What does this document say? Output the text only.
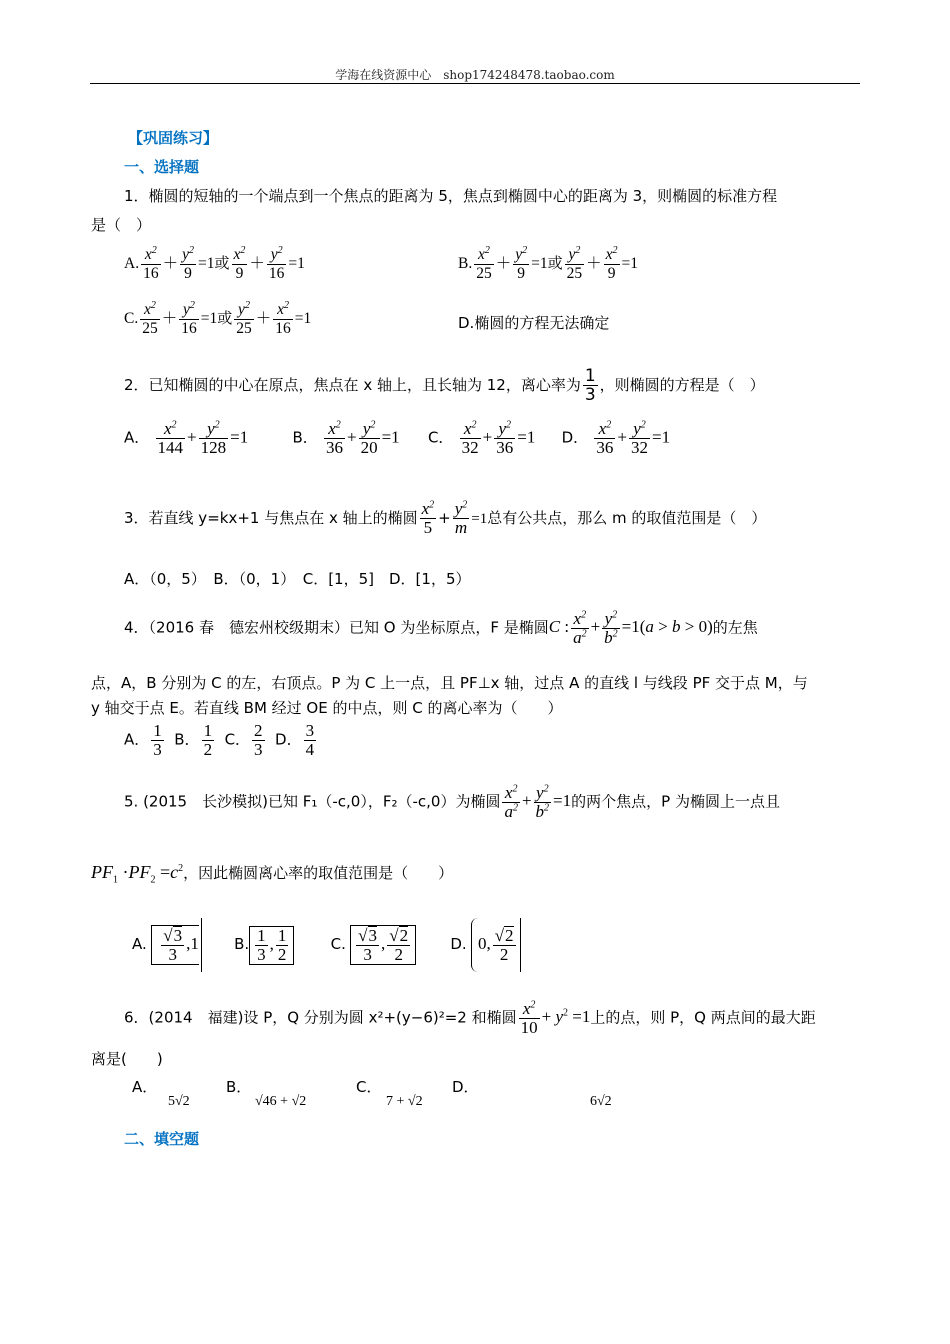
学海在线资源中心　shop174248478.taobao.com
【巩固练习】
一、选择题
1．椭圆的短轴的一个端点到一个焦点的距离为 5，焦点到椭圆中心的距离为 3，则椭圆的标准方程
是（　）
A. $\frac{x^2}{16} + \frac{y^2}{9} =1$或 $\frac{x^2}{9} + \frac{y^2}{16} =1$	B. $\frac{x^2}{25} + \frac{y^2}{9} =1$或 $\frac{y^2}{25} + \frac{x^2}{9} =1$
C. $\frac{x^2}{25} + \frac{y^2}{16} =1$或 $\frac{y^2}{25} + \frac{x^2}{16} =1$	D.椭圆的方程无法确定
2．已知椭圆的中心在原点，焦点在 x 轴上，且长轴为 12，离心率为 $\frac{1}{3}$ ，则椭圆的方程是（　）
A． $\frac{x^2}{144} + \frac{y^2}{128} =1$	B． $\frac{x^2}{36} + \frac{y^2}{20} =1$ C． $\frac{x^2}{32} + \frac{y^2}{36} =1$ D． $\frac{x^2}{36} + \frac{y^2}{32} =1$
3．若直线 y=kx+1 与焦点在 x 轴上的椭圆 $\frac{x^2}{5} + \frac{y^2}{m} =1$总有公共点，那么 m 的取值范围是（　）
A．（0，5）　B．（0，1）　C．[1，5]　D．[1，5）
4．（2016 春　德宏州校级期末）已知 O 为坐标原点，F 是椭圆C : $\frac{x^2}{a^2} + \frac{y^2}{b^2} =1(a > b > 0)$的左焦
点，A，B 分别为 C 的左，右顶点。P 为 C 上一点，且 PF⊥x 轴，过点 A 的直线 l 与线段 PF 交于点 M，与
y 轴交于点 E。若直线 BM 经过 OE 的中点，则 C 的离心率为（　　）
A． $\frac{1}{3}$ B． $\frac{1}{2}$ C． $\frac{2}{3}$ D． $\frac{3}{4}$
5. (2015　长沙模拟)已知 F₁（-c,0），F₂（-c,0）为椭圆 $\frac{x^2}{a^2} + \frac{y^2}{b^2} =1$的两个焦点，P 为椭圆上一点且
$PF_1 \cdot PF_2 =c^2$，因此椭圆离心率的取值范围是（　　）
A. $\frac{√3}{3} ,1$ B. $\frac{1}{3}$ , $\frac{1}{2}$	C. $\frac{√3}{3}$ , $\frac{√2}{2}$	D. 0, $\frac{√2}{2}$
6．(2014　福建)设 P，Q 分别为圆 x²+(y−6)²=2 和椭圆 $\frac{x^2}{10} + y^2 =1$上的点，则 P，Q 两点间的最大距
离是(　　)
A．	B．	C．	D．
5√2	√46 + √2	7 + √2	6√2
二、填空题
